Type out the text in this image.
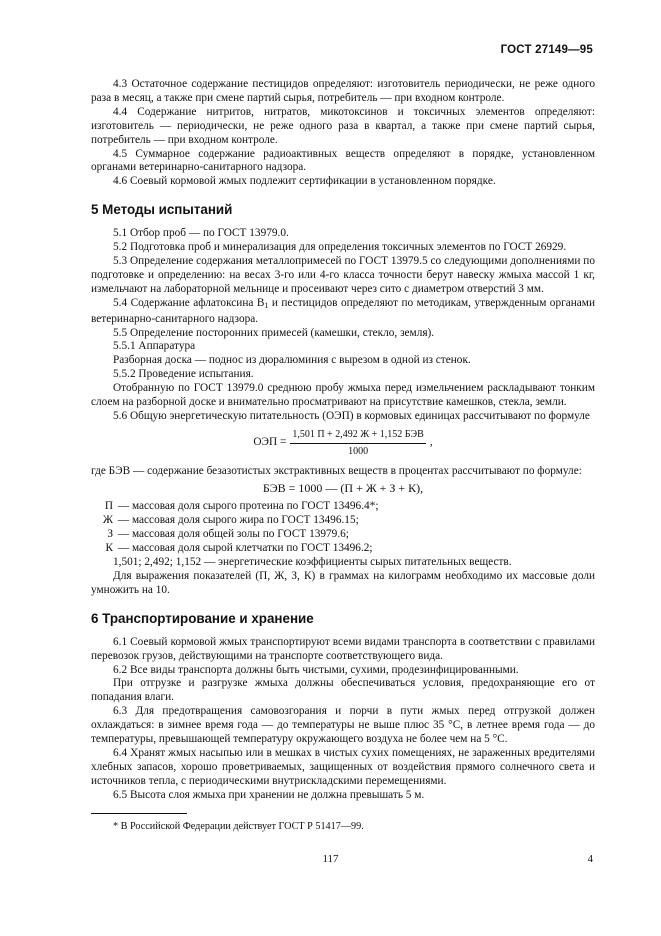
ГОСТ 27149—95

4.3 Остаточное содержание пестицидов определяют: изготовитель периодически, не реже одного раза в месяц, а также при смене партий сырья, потребитель — при входном контроле.

4.4 Содержание нитритов, нитратов, микотоксинов и токсичных элементов определяют: изготовитель — периодически, не реже одного раза в квартал, а также при смене партий сырья, потребитель — при входном контроле.

4.5 Суммарное содержание радиоактивных веществ определяют в порядке, установленном органами ветеринарно-санитарного надзора.

4.6 Соевый кормовой жмых подлежит сертификации в установленном порядке.

5 Методы испытаний

5.1 Отбор проб — по ГОСТ 13979.0.

5.2 Подготовка проб и минерализация для определения токсичных элементов по ГОСТ 26929.

5.3 Определение содержания металлопримесей по ГОСТ 13979.5 со следующими дополнениями по подготовке и определению: на весах 3-го или 4-го класса точности берут навеску жмыха массой 1 кг, измельчают на лабораторной мельнице и просеивают через сито с диаметром отверстий 3 мм.

5.4 Содержание афлатоксина $B_1$ и пестицидов определяют по методикам, утвержденным органами ветеринарно-санитарного надзора.

5.5 Определение посторонних примесей (камешки, стекло, земля).

5.5.1 Аппаратура

Разборная доска — поднос из дюралюминия с вырезом в одной из стенок.

5.5.2 Проведение испытания.

Отобранную по ГОСТ 13979.0 среднюю пробу жмыха перед измельчением раскладывают тонким слоем на разборной доске и внимательно просматривают на присутствие камешков, стекла, земли.

5.6 Общую энергетическую питательность (ОЭП) в кормовых единицах рассчитывают по формуле

ОЭП = $\frac{\text{1,501 П + 2,492 Ж + 1,152 БЭВ}}{1000}$ ,

где БЭВ — содержание безазотистых экстрактивных веществ в процентах рассчитывают по формуле:

БЭВ = 1000 — (П + Ж + З + К),

П — массовая доля сырого протеина по ГОСТ 13496.4*;

Ж — массовая доля сырого жира по ГОСТ 13496.15;

З — массовая доля общей золы по ГОСТ 13979.6;

К — массовая доля сырой клетчатки по ГОСТ 13496.2;

1,501; 2,492; 1,152 — энергетические коэффициенты сырых питательных веществ.

Для выражения показателей (П, Ж, З, К) в граммах на килограмм необходимо их массовые доли умножить на 10.

6 Транспортирование и хранение

6.1 Соевый кормовой жмых транспортируют всеми видами транспорта в соответствии с правилами перевозок грузов, действующими на транспорте соответствующего вида.

6.2 Все виды транспорта должны быть чистыми, сухими, продезинфицированными.

При отгрузке и разгрузке жмыха должны обеспечиваться условия, предохраняющие его от попадания влаги.

6.3 Для предотвращения самовозгорания и порчи в пути жмых перед отгрузкой должен охлаждаться: в зимнее время года — до температуры не выше плюс 35 °С, в летнее время года — до температуры, превышающей температуру окружающего воздуха не более чем на 5 °С.

6.4 Хранят жмых насыпью или в мешках в чистых сухих помещениях, не зараженных вредителями хлебных запасов, хорошо проветриваемых, защищенных от воздействия прямого солнечного света и источников тепла, с периодическими внутрискладскими перемещениями.

6.5 Высота слоя жмыха при хранении не должна превышать 5 м.

* В Российской Федерации действует ГОСТ Р 51417—99.

117	4
